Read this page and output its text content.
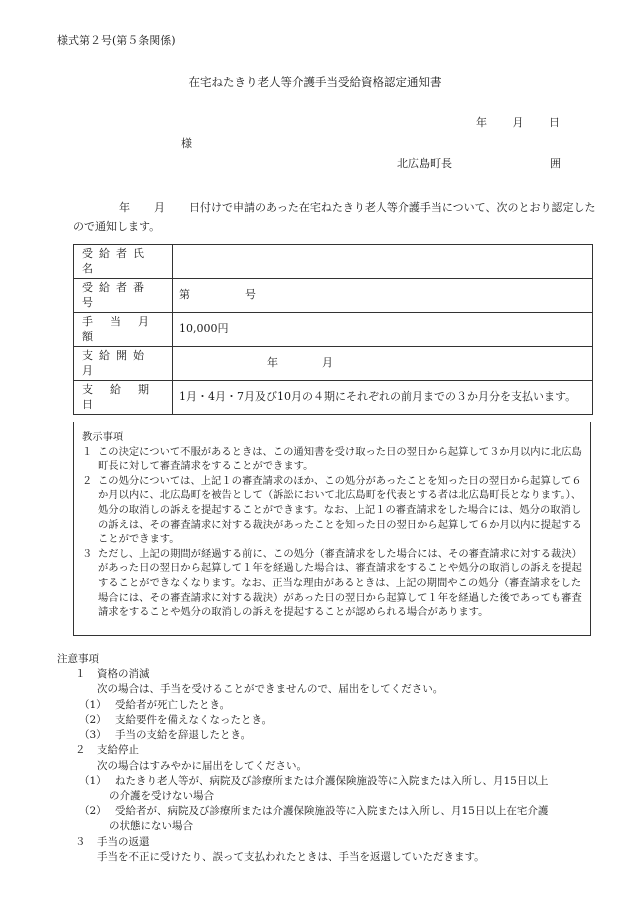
様式第２号(第５条関係)
在宅ねたきり老人等介護手当受給資格認定通知書
年 月 日
様
北広島町長	囲
年 月 日付けで申請のあった在宅ねたきり老人等介護手当について、次のとおり認定したので通知します。
受給者氏名	
受給者番号	第　　　　　号
手　当　月　額	10,000円
支給開始月	　　　　　　　　年　　　　月
支　給　期　日	1月・4月・7月及び10月の４期にそれぞれの前月までの３か月分を支払います。
教示事項
１ この決定について不服があるときは、この通知書を受け取った日の翌日から起算して３か月以内に北広島町長に対して審査請求をすることができます。
２ この処分については、上記１の審査請求のほか、この処分があったことを知った日の翌日から起算して６か月以内に、北広島町を被告として（訴訟において北広島町を代表とする者は北広島町長となります。）、処分の取消しの訴えを提起することができます。なお、上記１の審査請求をした場合には、処分の取消しの訴えは、その審査請求に対する裁決があったことを知った日の翌日から起算して６か月以内に提起することができます。
３ ただし、上記の期間が経過する前に、この処分（審査請求をした場合には、その審査請求に対する裁決）があった日の翌日から起算して１年を経過した場合は、審査請求をすることや処分の取消しの訴えを提起することができなくなります。なお、正当な理由があるときは、上記の期間やこの処分（審査請求をした場合には、その審査請求に対する裁決）があった日の翌日から起算して１年を経過した後であっても審査請求をすることや処分の取消しの訴えを提起することが認められる場合があります。
注意事項
１ 資格の消滅
次の場合は、手当を受けることができませんので、届出をしてください。
（1） 受給者が死亡したとき。
（2） 支給要件を備えなくなったとき。
（3） 手当の支給を辞退したとき。
２ 支給停止
次の場合はすみやかに届出をしてください。
（1） ねたきり老人等が、病院及び診療所または介護保険施設等に入院または入所し、月15日以上
の介護を受けない場合
（2） 受給者が、病院及び診療所または介護保険施設等に入院または入所し、月15日以上在宅介護
の状態にない場合
３ 手当の返還
手当を不正に受けたり、誤って支払われたときは、手当を返還していただきます。
